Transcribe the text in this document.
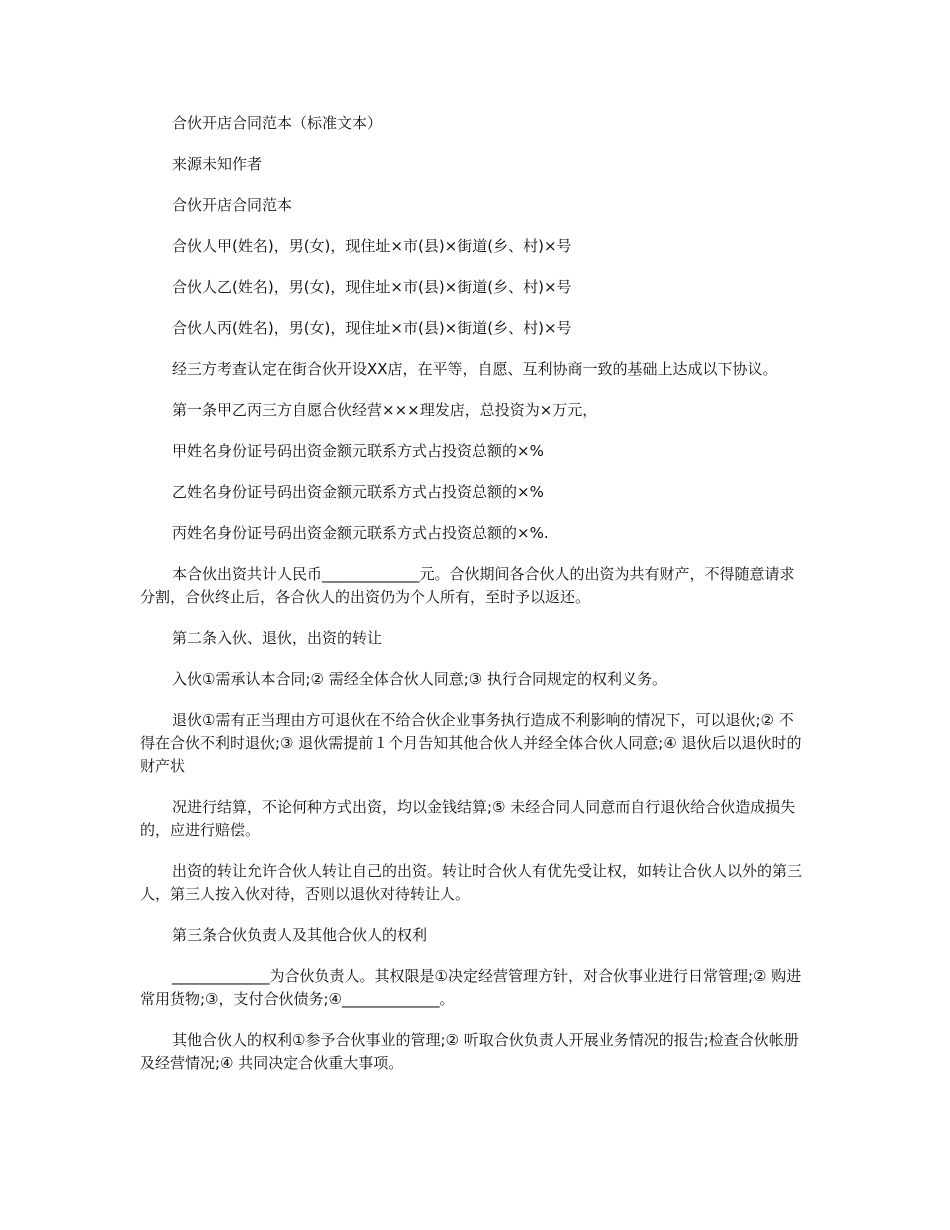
合伙开店合同范本（标准文本）

来源未知作者

合伙开店合同范本

合伙人甲(姓名)，男(女)，现住址×市(县)×街道(乡、村)×号

合伙人乙(姓名)，男(女)，现住址×市(县)×街道(乡、村)×号

合伙人丙(姓名)，男(女)，现住址×市(县)×街道(乡、村)×号

经三方考查认定在街合伙开设XX店，在平等，自愿、互利协商一致的基础上达成以下协议。

第一条甲乙丙三方自愿合伙经营×××理发店，总投资为×万元，

甲姓名身份证号码出资金额元联系方式占投资总额的×%

乙姓名身份证号码出资金额元联系方式占投资总额的×%

丙姓名身份证号码出资金额元联系方式占投资总额的×%.

本合伙出资共计人民币_____________元。合伙期间各合伙人的出资为共有财产，不得随意请求分割，合伙终止后，各合伙人的出资仍为个人所有，至时予以返还。

第二条入伙、退伙，出资的转让

入伙①需承认本合同;② 需经全体合伙人同意;③ 执行合同规定的权利义务。

退伙①需有正当理由方可退伙在不给合伙企业事务执行造成不利影响的情况下，可以退伙;② 不得在合伙不利时退伙;③ 退伙需提前１个月告知其他合伙人并经全体合伙人同意;④ 退伙后以退伙时的财产状

况进行结算，不论何种方式出资，均以金钱结算;⑤ 未经合同人同意而自行退伙给合伙造成损失的，应进行赔偿。

出资的转让允许合伙人转让自己的出资。转让时合伙人有优先受让权，如转让合伙人以外的第三人，第三人按入伙对待，否则以退伙对待转让人。

第三条合伙负责人及其他合伙人的权利

_____________为合伙负责人。其权限是①决定经营管理方针，对合伙事业进行日常管理;② 购进常用货物;③，支付合伙债务;④_____________。

其他合伙人的权利①参予合伙事业的管理;② 听取合伙负责人开展业务情况的报告;检查合伙帐册及经营情况;④ 共同决定合伙重大事项。
